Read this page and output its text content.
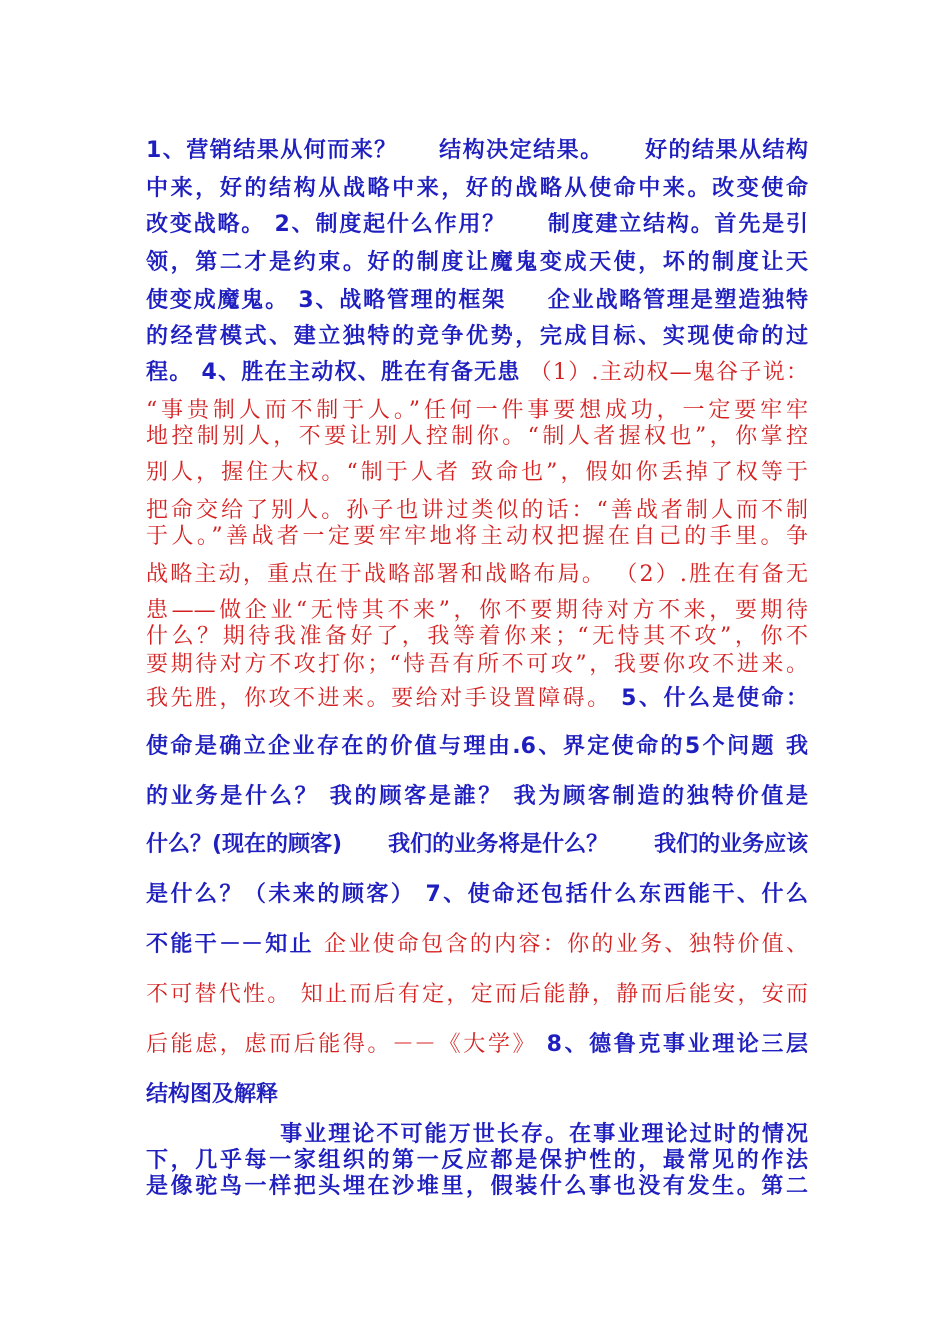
1、营销结果从何而来？ 结构决定结果。 好的结果从结构
中来，好的结构从战略中来，好的战略从使命中来。改变使命
改变战略。 2、制度起什么作用？ 制度建立结构。首先是引
领，第二才是约束。好的制度让魔鬼变成天使，坏的制度让天
使变成魔鬼。 3、战略管理的框架 企业战略管理是塑造独特
的经营模式、建立独特的竞争优势，完成目标、实现使命的过
程。 4、胜在主动权、胜在有备无患 （1）.主动权—鬼谷子说：
“事贵制人而不制于人。”任何一件事要想成功，一定要牢牢
地控制别人，不要让别人控制你。“制人者握权也”，你掌控
别人，握住大权。“制于人者 致命也”，假如你丢掉了权等于
把命交给了别人。孙子也讲过类似的话：“善战者制人而不制
于人。”善战者一定要牢牢地将主动权把握在自己的手里。争
战略主动，重点在于战略部署和战略布局。 （2）.胜在有备无
患——做企业“无恃其不来”，你不要期待对方不来，要期待
什么？期待我准备好了，我等着你来；“无恃其不攻”，你不
要期待对方不攻打你；“恃吾有所不可攻”，我要你攻不进来。
我先胜，你攻不进来。要给对手设置障碍。 5、什么是使命：
使命是确立企业存在的价值与理由.6、界定使命的5个问题 我
的业务是什么？ 我的顾客是誰？ 我为顾客制造的独特价值是
什么？(现在的顾客) 我们的业务将是什么？ 我们的业务应该
是什么？（未来的顾客） 7、使命还包括什么东西能干、什么
不能干－－知止 企业使命包含的内容：你的业务、独特价值、
不可替代性。 知止而后有定，定而后能静，静而后能安，安而
后能虑，虑而后能得。－－《大学》 8、德鲁克事业理论三层
结构图及解释
事业理论不可能万世长存。在事业理论过时的情况
下，几乎每一家组织的第一反应都是保护性的，最常见的作法
是像驼鸟一样把头埋在沙堆里，假装什么事也没有发生。第二
